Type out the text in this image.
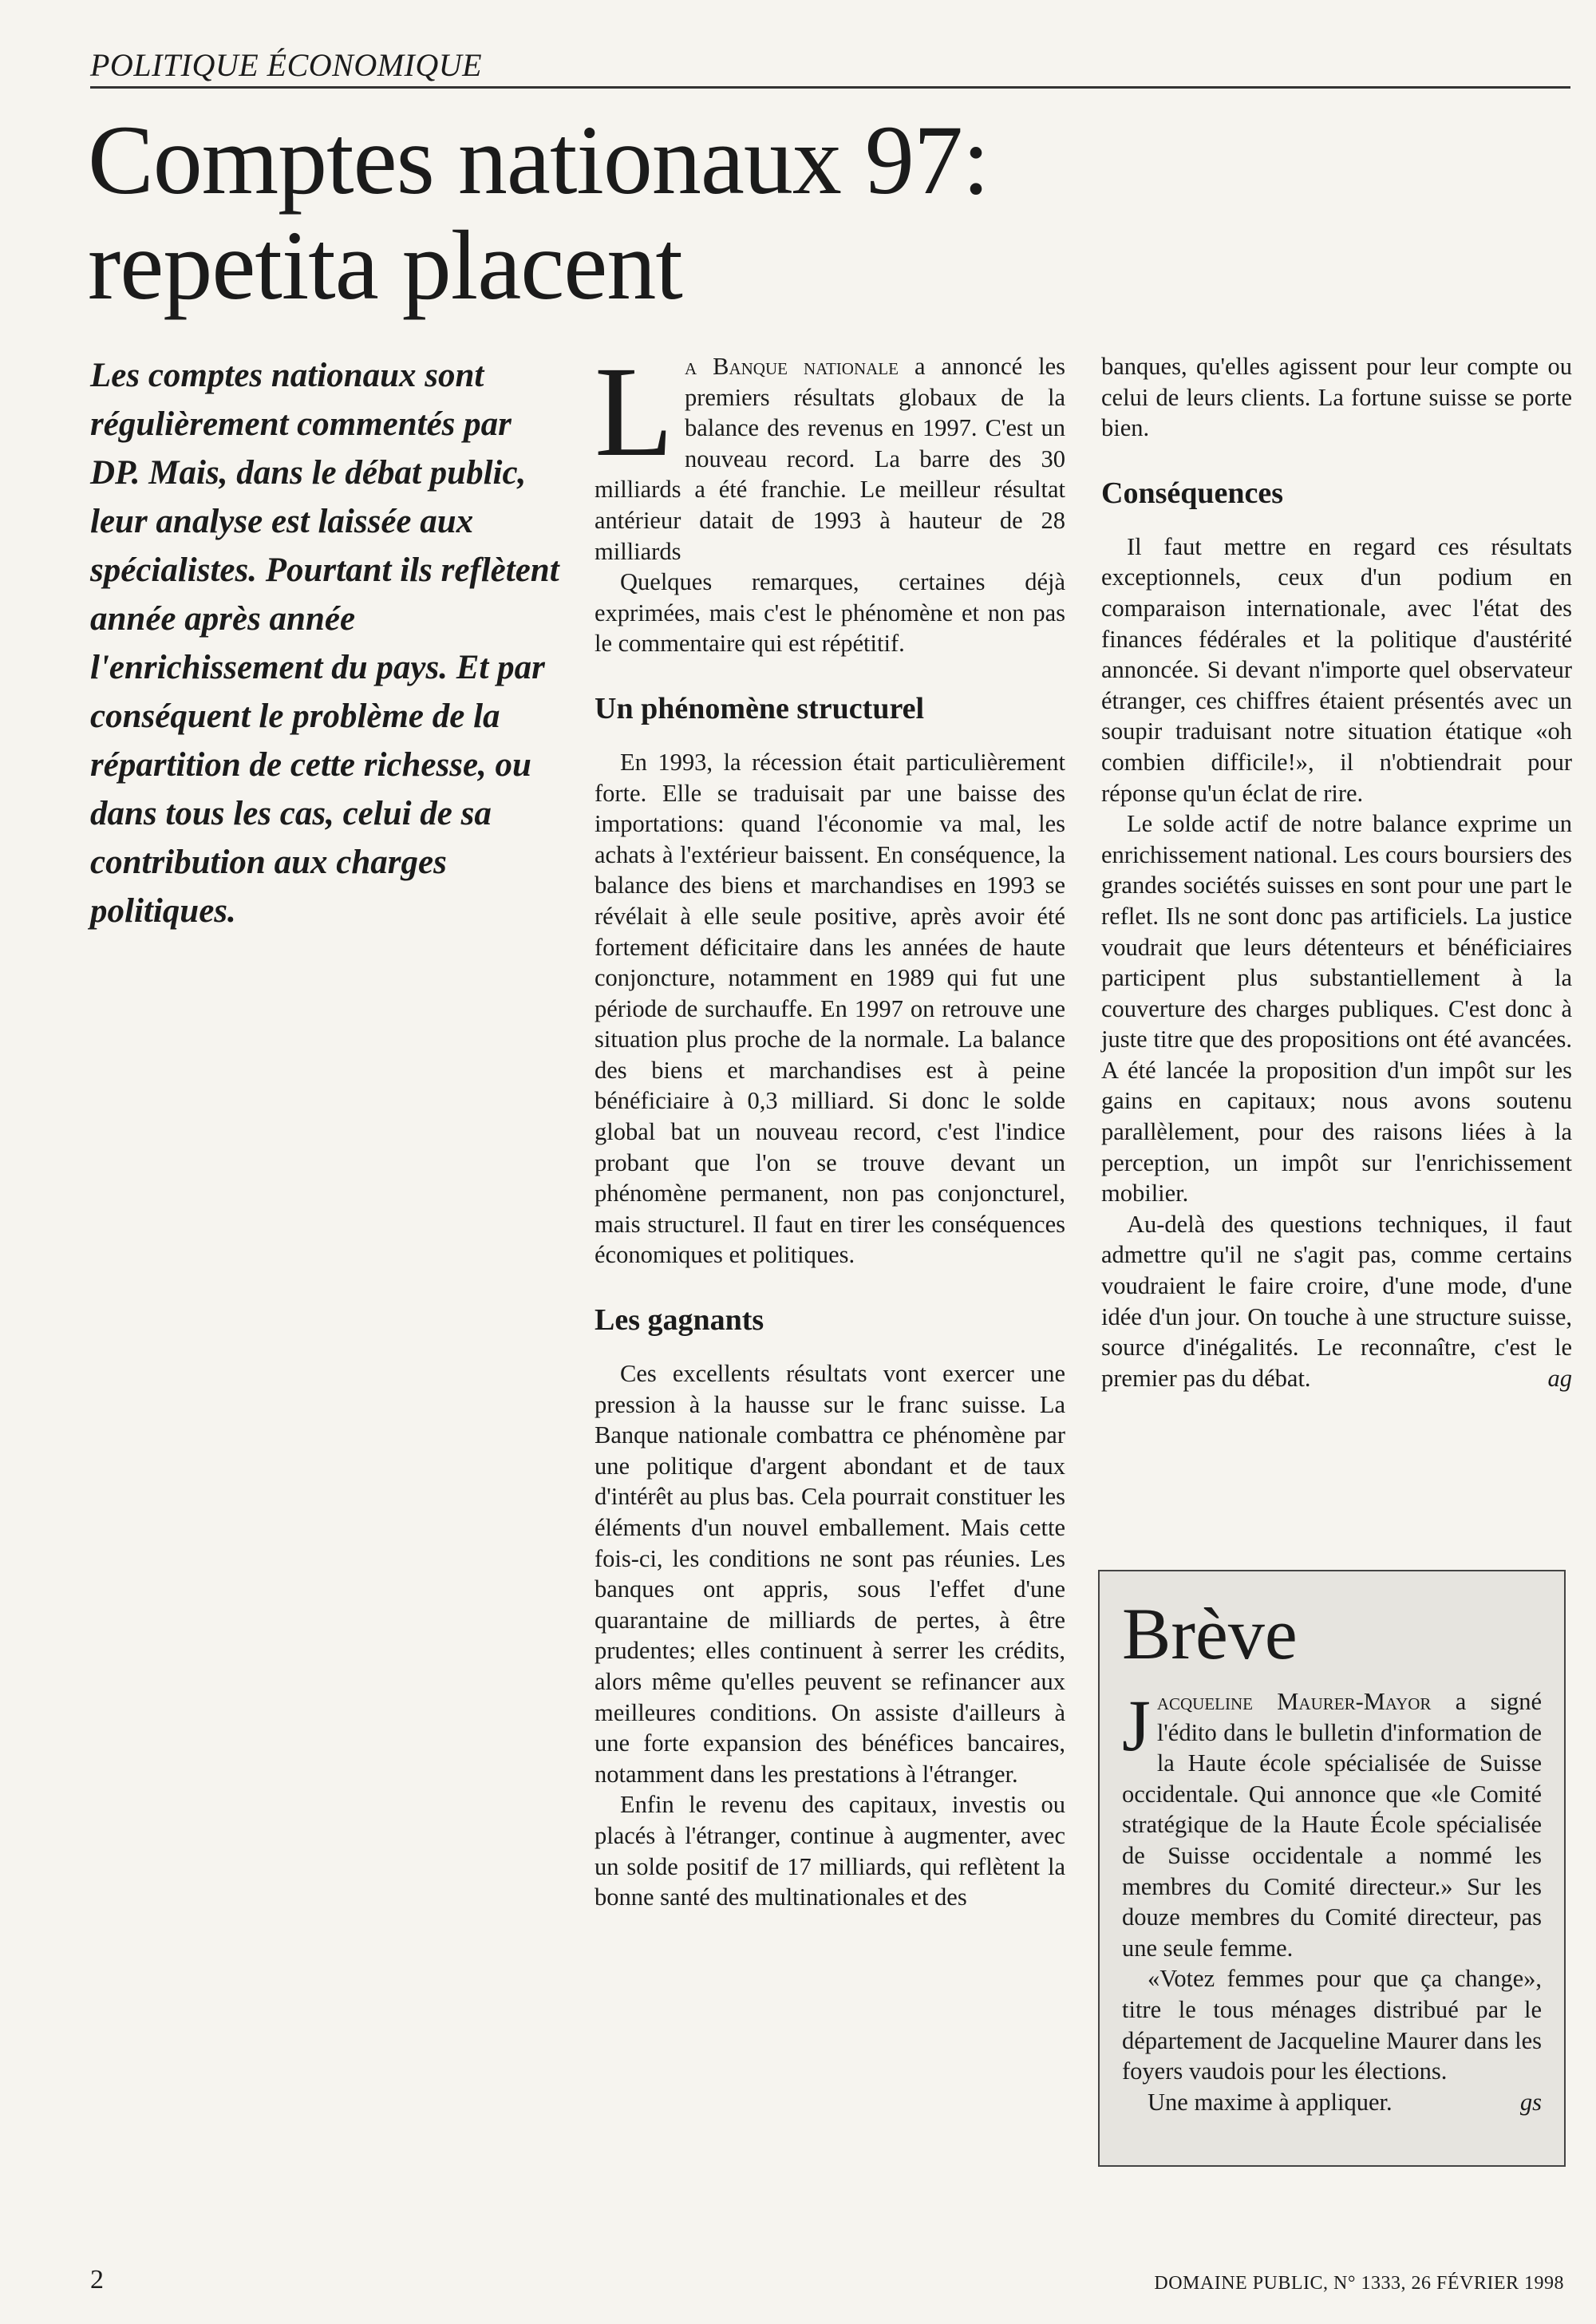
POLITIQUE ÉCONOMIQUE
Comptes nationaux 97:
repetita placent
Les comptes nationaux sont régulièrement commentés par DP. Mais, dans le débat public, leur analyse est laissée aux spécialistes. Pourtant ils reflètent année après année l'enrichissement du pays. Et par conséquent le problème de la répartition de cette richesse, ou dans tous les cas, celui de sa contribution aux charges politiques.

La Banque nationale a annoncé les premiers résultats globaux de la balance des revenus en 1997. C'est un nouveau record. La barre des 30 milliards a été franchie. Le meilleur résultat antérieur datait de 1993 à hauteur de 28 milliards

Quelques remarques, certaines déjà exprimées, mais c'est le phénomène et non pas le commentaire qui est répétitif.

Un phénomène structurel

En 1993, la récession était particulièrement forte. Elle se traduisait par une baisse des importations: quand l'économie va mal, les achats à l'extérieur baissent. En conséquence, la balance des biens et marchandises en 1993 se révélait à elle seule positive, après avoir été fortement déficitaire dans les années de haute conjoncture, notamment en 1989 qui fut une période de surchauffe. En 1997 on retrouve une situation plus proche de la normale. La balance des biens et marchandises est à peine bénéficiaire à 0,3 milliard. Si donc le solde global bat un nouveau record, c'est l'indice probant que l'on se trouve devant un phénomène permanent, non pas conjoncturel, mais structurel. Il faut en tirer les conséquences économiques et politiques.

Les gagnants

Ces excellents résultats vont exercer une pression à la hausse sur le franc suisse. La Banque nationale combattra ce phénomène par une politique d'argent abondant et de taux d'intérêt au plus bas. Cela pourrait constituer les éléments d'un nouvel emballement. Mais cette fois-ci, les conditions ne sont pas réunies. Les banques ont appris, sous l'effet d'une quarantaine de milliards de pertes, à être prudentes; elles continuent à serrer les crédits, alors même qu'elles peuvent se refinancer aux meilleures conditions. On assiste d'ailleurs à une forte expansion des bénéfices bancaires, notamment dans les prestations à l'étranger.

Enfin le revenu des capitaux, investis ou placés à l'étranger, continue à augmenter, avec un solde positif de 17 milliards, qui reflètent la bonne santé des multinationales et des

banques, qu'elles agissent pour leur compte ou celui de leurs clients. La fortune suisse se porte bien.

Conséquences

Il faut mettre en regard ces résultats exceptionnels, ceux d'un podium en comparaison internationale, avec l'état des finances fédérales et la politique d'austérité annoncée. Si devant n'importe quel observateur étranger, ces chiffres étaient présentés avec un soupir traduisant notre situation étatique «oh combien difficile!», il n'obtiendrait pour réponse qu'un éclat de rire.

Le solde actif de notre balance exprime un enrichissement national. Les cours boursiers des grandes sociétés suisses en sont pour une part le reflet. Ils ne sont donc pas artificiels. La justice voudrait que leurs détenteurs et bénéficiaires participent plus substantiellement à la couverture des charges publiques. C'est donc à juste titre que des propositions ont été avancées. A été lancée la proposition d'un impôt sur les gains en capitaux; nous avons soutenu parallèlement, pour des raisons liées à la perception, un impôt sur l'enrichissement mobilier.

Au-delà des questions techniques, il faut admettre qu'il ne s'agit pas, comme certains voudraient le faire croire, d'une mode, d'une idée d'un jour. On touche à une structure suisse, source d'inégalités. Le reconnaître, c'est le premier pas du débat.	ag

Brève

Jacqueline Maurer-Mayor a signé l'édito dans le bulletin d'information de la Haute école spécialisée de Suisse occidentale. Qui annonce que «le Comité stratégique de la Haute École spécialisée de Suisse occidentale a nommé les membres du Comité directeur.» Sur les douze membres du Comité directeur, pas une seule femme.

«Votez femmes pour que ça change», titre le tous ménages distribué par le département de Jacqueline Maurer dans les foyers vaudois pour les élections.

Une maxime à appliquer.	gs

2	DOMAINE PUBLIC, N° 1333, 26 FÉVRIER 1998
